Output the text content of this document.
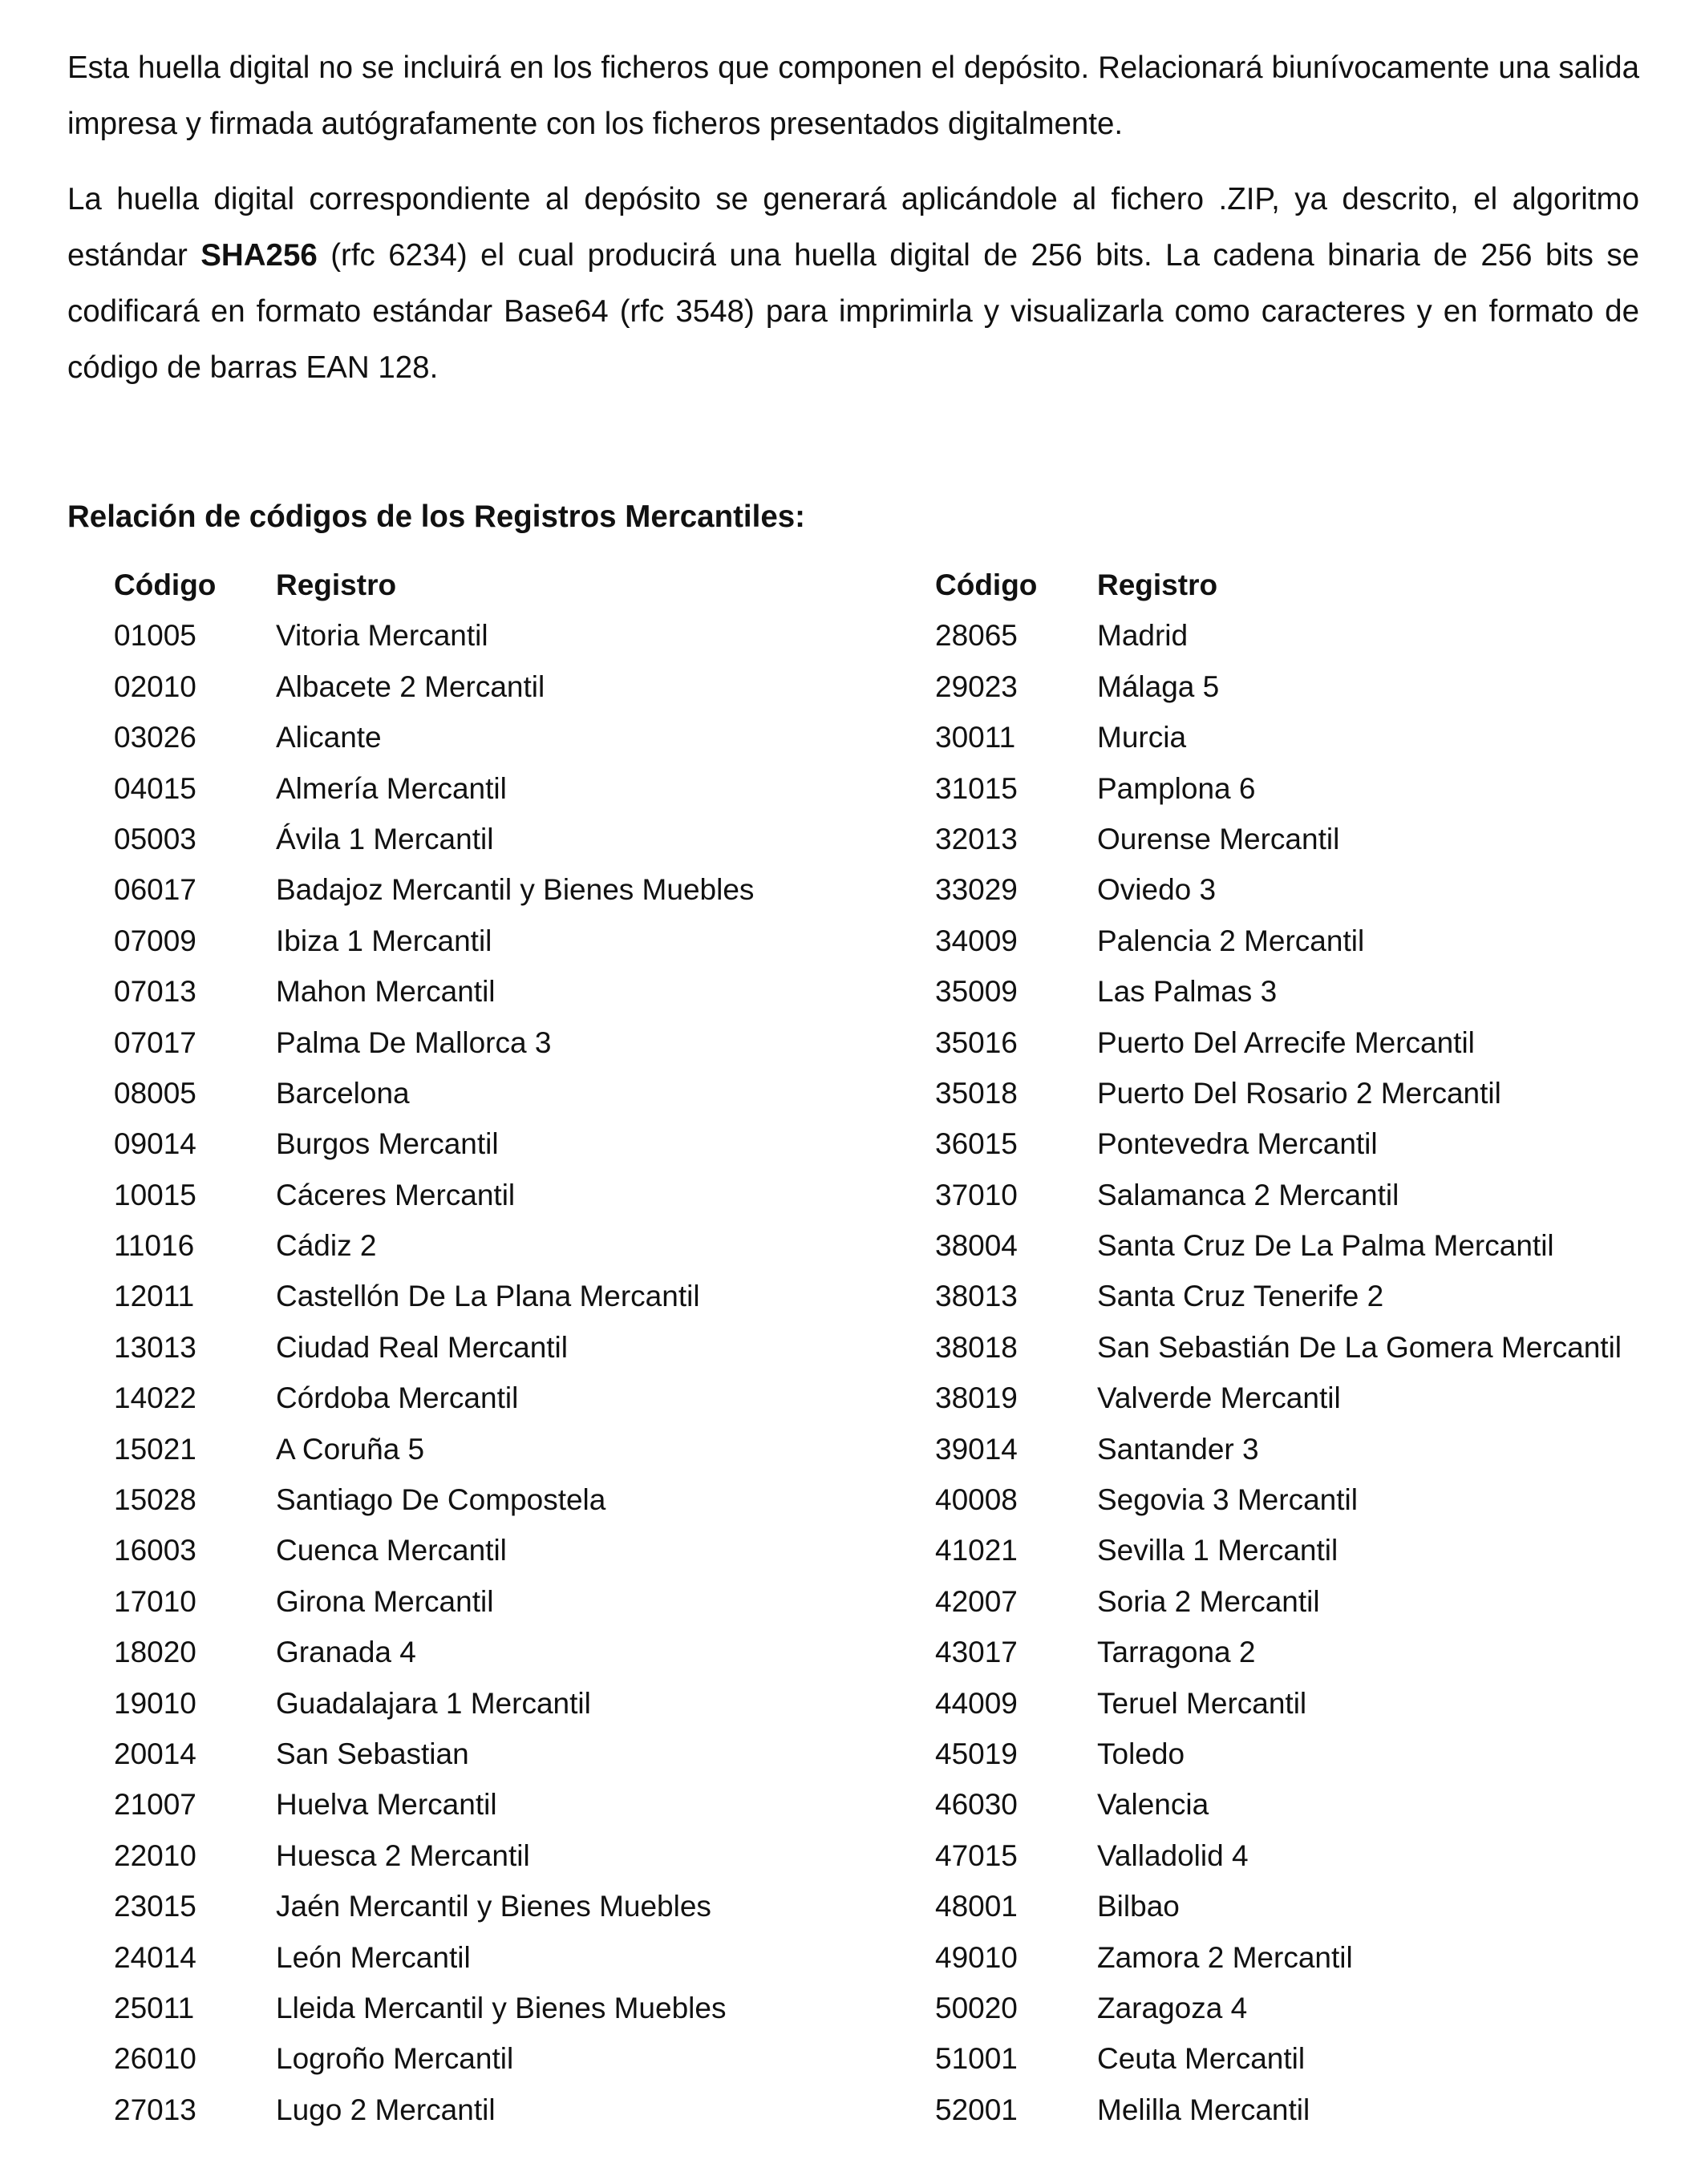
Esta huella digital no se incluirá en los ficheros que componen el depósito. Relacionará biunívocamente una salida impresa y firmada autógrafamente con los ficheros presentados digitalmente.

La huella digital correspondiente al depósito se generará aplicándole al fichero .ZIP, ya descrito, el algoritmo estándar SHA256 (rfc 6234) el cual producirá una huella digital de 256 bits. La cadena binaria de 256 bits se codificará en formato estándar Base64 (rfc 3548) para imprimirla y visualizarla como caracteres y en formato de código de barras EAN 128.

Relación de códigos de los Registros Mercantiles:
Código Registro
01005	Vitoria Mercantil
02010	Albacete 2 Mercantil
03026	Alicante
04015	Almería Mercantil
05003	Ávila 1 Mercantil
06017	Badajoz Mercantil y Bienes Muebles
07009	Ibiza 1 Mercantil
07013	Mahon Mercantil
07017	Palma De Mallorca 3
08005	Barcelona
09014	Burgos Mercantil
10015	Cáceres Mercantil
11016	Cádiz 2
12011	Castellón De La Plana Mercantil
13013	Ciudad Real Mercantil
14022	Córdoba Mercantil
15021	A Coruña 5
15028	Santiago De Compostela
16003	Cuenca Mercantil
17010	Girona Mercantil
18020	Granada 4
19010	Guadalajara 1 Mercantil
20014	San Sebastian
21007	Huelva Mercantil
22010	Huesca 2 Mercantil
23015	Jaén Mercantil y Bienes Muebles
24014	León Mercantil
25011	Lleida Mercantil y Bienes Muebles
26010	Logroño Mercantil
27013	Lugo 2 Mercantil
Código Registro
28065	Madrid
29023	Málaga 5
30011	Murcia
31015	Pamplona 6
32013	Ourense Mercantil
33029	Oviedo 3
34009	Palencia 2 Mercantil
35009	Las Palmas 3
35016	Puerto Del Arrecife Mercantil
35018	Puerto Del Rosario 2 Mercantil
36015	Pontevedra Mercantil
37010	Salamanca 2 Mercantil
38004	Santa Cruz De La Palma Mercantil
38013	Santa Cruz Tenerife 2
38018	San Sebastián De La Gomera Mercantil
38019	Valverde Mercantil
39014	Santander 3
40008	Segovia 3 Mercantil
41021	Sevilla 1 Mercantil
42007	Soria 2 Mercantil
43017	Tarragona 2
44009	Teruel Mercantil
45019	Toledo
46030	Valencia
47015	Valladolid 4
48001	Bilbao
49010	Zamora 2 Mercantil
50020	Zaragoza 4
51001	Ceuta Mercantil
52001	Melilla Mercantil
